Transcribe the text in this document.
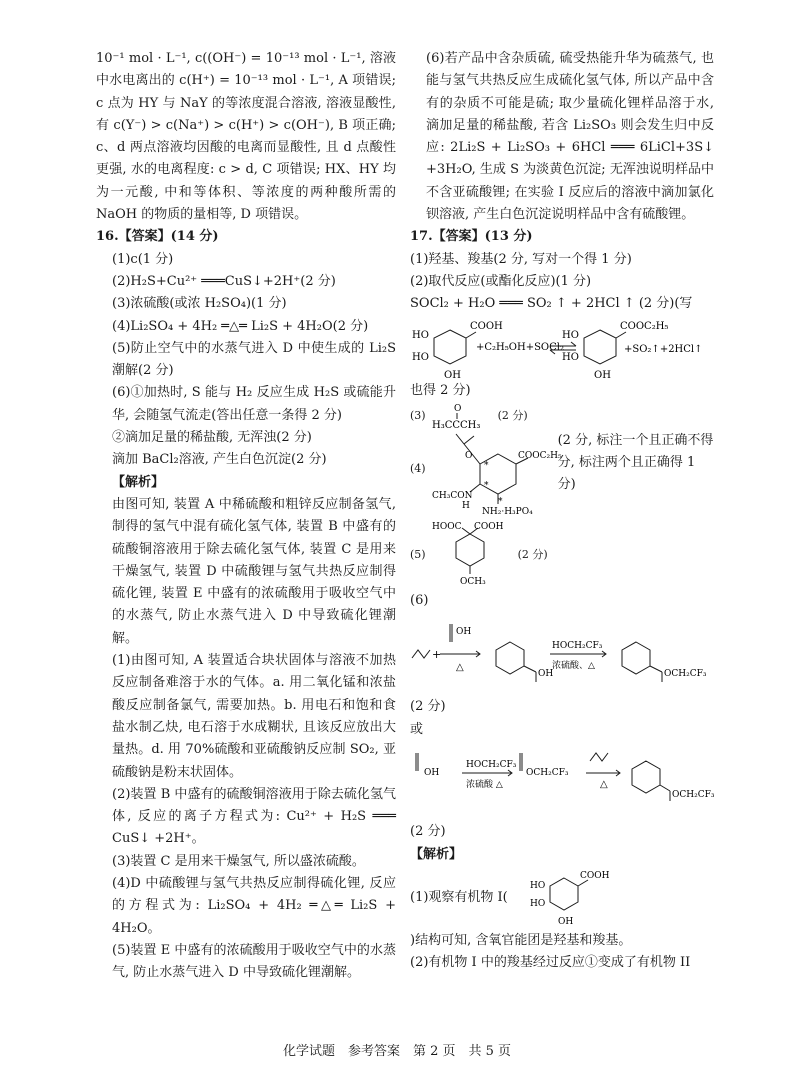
10⁻¹ mol · L⁻¹, c((OH⁻) = 10⁻¹³ mol · L⁻¹, 溶液中水电离出的 c(H⁺) = 10⁻¹³ mol · L⁻¹, A 项错误; c 点为 HY 与 NaY 的等浓度混合溶液, 溶液显酸性, 有 c(Y⁻) > c(Na⁺) > c(H⁺) > c(OH⁻), B 项正确; c、d 两点溶液均因酸的电离而显酸性, 且 d 点酸性更强, 水的电离程度: c > d, C 项错误; HX、HY 均为一元酸, 中和等体积、等浓度的两种酸所需的 NaOH 的物质的量相等, D 项错误。

16.【答案】(14 分)

(1)c(1 分)

(2)H₂S+Cu²⁺ ═══CuS↓+2H⁺(2 分)

(3)浓硫酸(或浓 H₂SO₄)(1 分)

(4)Li₂SO₄ + 4H₂ ═△═ Li₂S + 4H₂O(2 分)

(5)防止空气中的水蒸气进入 D 中使生成的 Li₂S潮解(2 分)

(6)①加热时, S 能与 H₂ 反应生成 H₂S 或硫能升华, 会随氢气流走(答出任意一条得 2 分)

②滴加足量的稀盐酸, 无浑浊(2 分)

滴加 BaCl₂溶液, 产生白色沉淀(2 分)

【解析】

由图可知, 装置 A 中稀硫酸和粗锌反应制备氢气, 制得的氢气中混有硫化氢气体, 装置 B 中盛有的硫酸铜溶液用于除去硫化氢气体, 装置 C 是用来干燥氢气, 装置 D 中硫酸锂与氢气共热反应制得硫化锂, 装置 E 中盛有的浓硫酸用于吸收空气中的水蒸气, 防止水蒸气进入 D 中导致硫化锂潮解。

(1)由图可知, A 装置适合块状固体与溶液不加热反应制备难溶于水的气体。a. 用二氧化锰和浓盐酸反应制备氯气, 需要加热。b. 用电石和饱和食盐水制乙炔, 电石溶于水成糊状, 且该反应放出大量热。d. 用 70%硫酸和亚硫酸钠反应制 SO₂, 亚硫酸钠是粉末状固体。

(2)装置 B 中盛有的硫酸铜溶液用于除去硫化氢气体, 反应的离子方程式为: Cu²⁺ + H₂S ═══ CuS↓ +2H⁺。

(3)装置 C 是用来干燥氢气, 所以盛浓硫酸。

(4)D 中硫酸锂与氢气共热反应制得硫化锂, 反应的方程式为: Li₂SO₄ + 4H₂ ═△═ Li₂S + 4H₂O。

(5)装置 E 中盛有的浓硫酸用于吸收空气中的水蒸气, 防止水蒸气进入 D 中导致硫化锂潮解。

(6)若产品中含杂质硫, 硫受热能升华为硫蒸气, 也能与氢气共热反应生成硫化氢气体, 所以产品中含有的杂质不可能是硫; 取少量硫化锂样品溶于水, 滴加足量的稀盐酸, 若含 Li₂SO₃ 则会发生归中反应: 2Li₂S + Li₂SO₃ + 6HCl ═══ 6LiCl+3S↓ +3H₂O, 生成 S 为淡黄色沉淀; 无浑浊说明样品中不含亚硫酸锂; 在实验 I 反应后的溶液中滴加氯化钡溶液, 产生白色沉淀说明样品中含有硫酸锂。

17.【答案】(13 分)

(1)羟基、羧基(2 分, 写对一个得 1 分)

(2)取代反应(或酯化反应)(1 分)

SOCl₂ + H₂O ═══ SO₂ ↑ + 2HCl ↑ (2 分)(写

COOH
HO
HO
OH
+C₂H₅OH+SOCl₂
COOC₂H₅
HO
HO
OH
+SO₂↑+2HCl↑

也得 2 分)

(3)	O
H₃CCCH₃
(2 分)
(4)
O	COOC₂H₅
CH₃CON
H
NH₂·H₃PO₄
*
*
*
(2 分, 标注一个且正确不得分, 标注两个且正确得 1 分)
(5)
HOOC COOH
OCH₃
(2 分)

(6)

+
OH
△
OH
HOCH₂CF₃
浓硫酸、△
OCH₂CF₃

(2 分)

或

OH
HOCH₂CF₃
浓硫酸 △
OCH₂CF₃
△
OCH₂CF₃

(2 分)

【解析】

(1)观察有机物 I(
COOH
HO
HO
OH

)结构可知, 含氧官能团是羟基和羧基。

(2)有机物 I 中的羧基经过反应①变成了有机物 II

化学试题　参考答案　第 2 页　共 5 页
